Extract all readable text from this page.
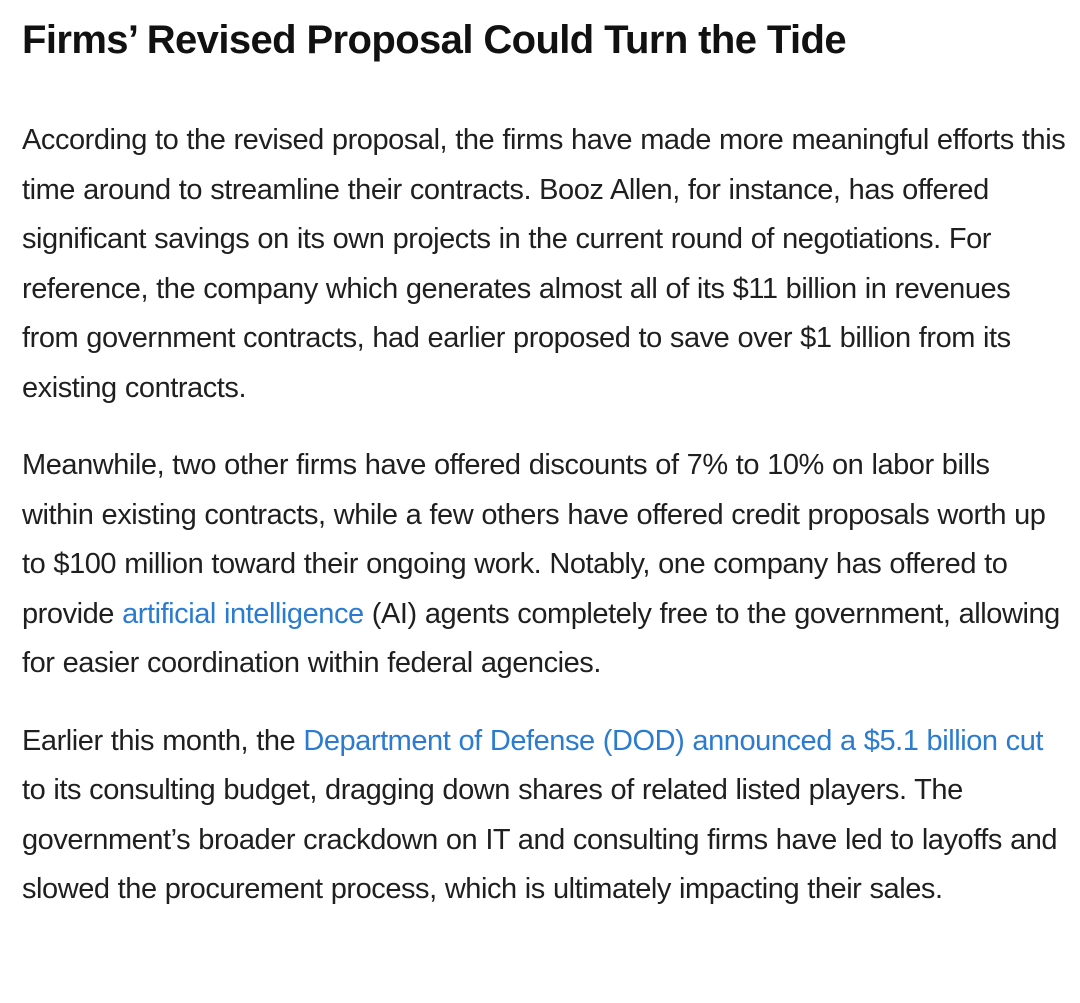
Firms’ Revised Proposal Could Turn the Tide

According to the revised proposal, the firms have made more meaningful efforts this time around to streamline their contracts. Booz Allen, for instance, has offered significant savings on its own projects in the current round of negotiations. For reference, the company which generates almost all of its $11 billion in revenues from government contracts, had earlier proposed to save over $1 billion from its existing contracts.

Meanwhile, two other firms have offered discounts of 7% to 10% on labor bills within existing contracts, while a few others have offered credit proposals worth up to $100 million toward their ongoing work. Notably, one company has offered to provide artificial intelligence (AI) agents completely free to the government, allowing for easier coordination within federal agencies.

Earlier this month, the Department of Defense (DOD) announced a $5.1 billion cut to its consulting budget, dragging down shares of related listed players. The government’s broader crackdown on IT and consulting firms have led to layoffs and slowed the procurement process, which is ultimately impacting their sales.
